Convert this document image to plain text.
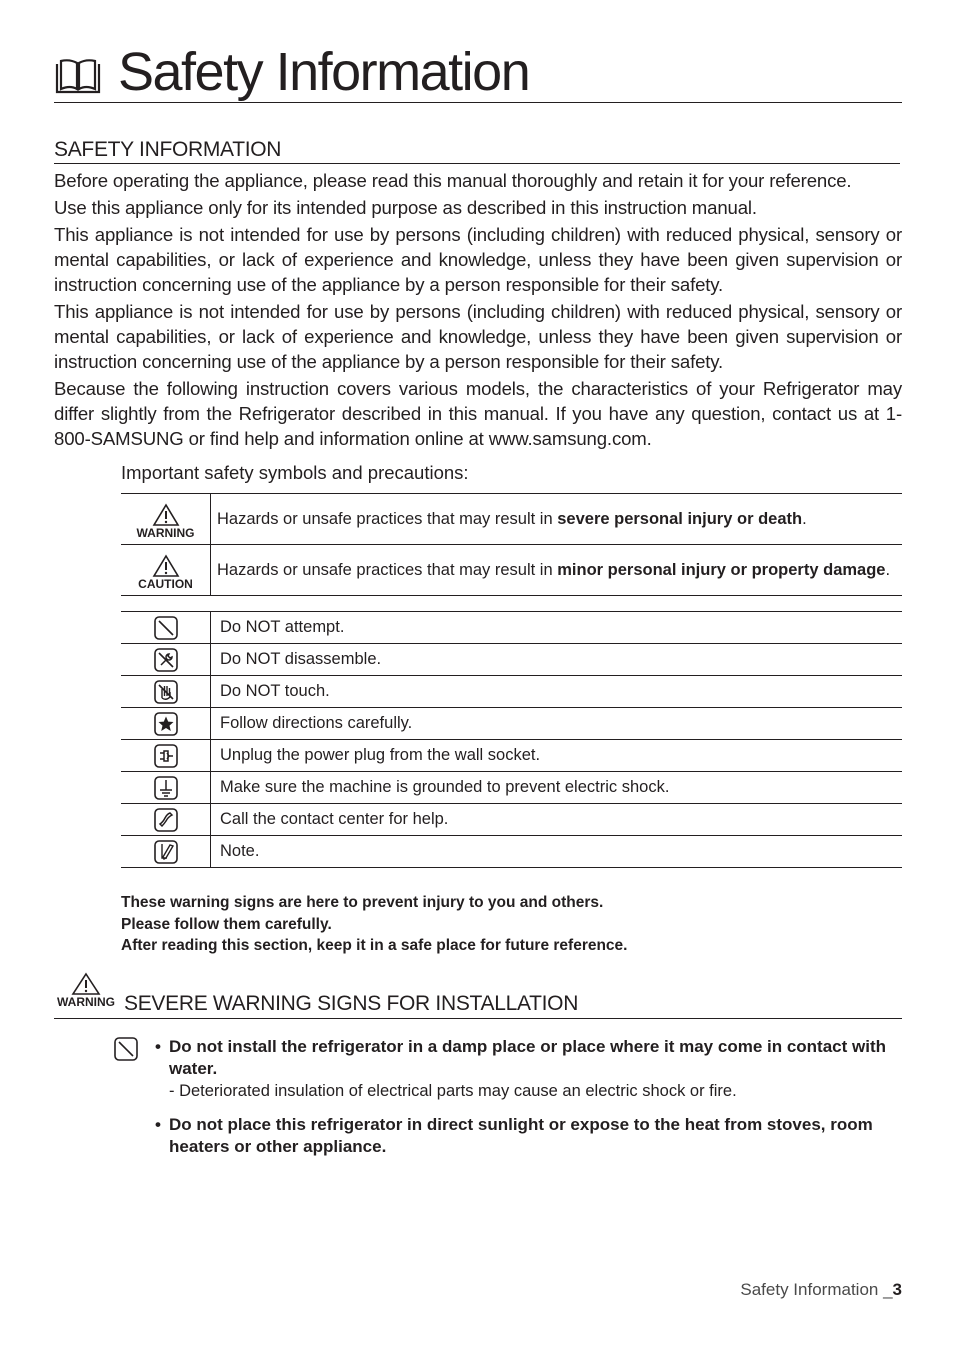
Safety Information
SAFETY INFORMATION

Before operating the appliance, please read this manual thoroughly and retain it for your reference.

Use this appliance only for its intended purpose as described in this instruction manual.

This appliance is not intended for use by persons (including children) with reduced physical, sensory or mental capabilities, or lack of experience and knowledge, unless they have been given supervision or instruction concerning use of the appliance by a person responsible for their safety.

This appliance is not intended for use by persons (including children) with reduced physical, sensory or mental capabilities, or lack of experience and knowledge, unless they have been given supervision or instruction concerning use of the appliance by a person responsible for their safety.

Because the following instruction covers various models, the characteristics of your Refrigerator may differ slightly from the Refrigerator described in this manual. If you have any question, contact us at 1-800-SAMSUNG or find help and information online at www.samsung.com.

Important safety symbols and precautions:
WARNING	Hazards or unsafe practices that may result in severe personal injury or death.

CAUTION	Hazards or unsafe practices that may result in minor personal injury or property damage.
	Do NOT attempt.

	Do NOT disassemble.

	Do NOT touch.

	Follow directions carefully.

	Unplug the power plug from the wall socket.

	Make sure the machine is grounded to prevent electric shock.

	Call the contact center for help.

	Note.
These warning signs are here to prevent injury to you and others.
Please follow them carefully.
After reading this section, keep it in a safe place for future reference.
WARNING SEVERE WARNING SIGNS FOR INSTALLATION
• Do not install the refrigerator in a damp place or place where it may come in contact with water.
- Deteriorated insulation of electrical parts may cause an electric shock or fire.
• Do not place this refrigerator in direct sunlight or expose to the heat from stoves, room heaters or other appliance.
Safety Information _3
